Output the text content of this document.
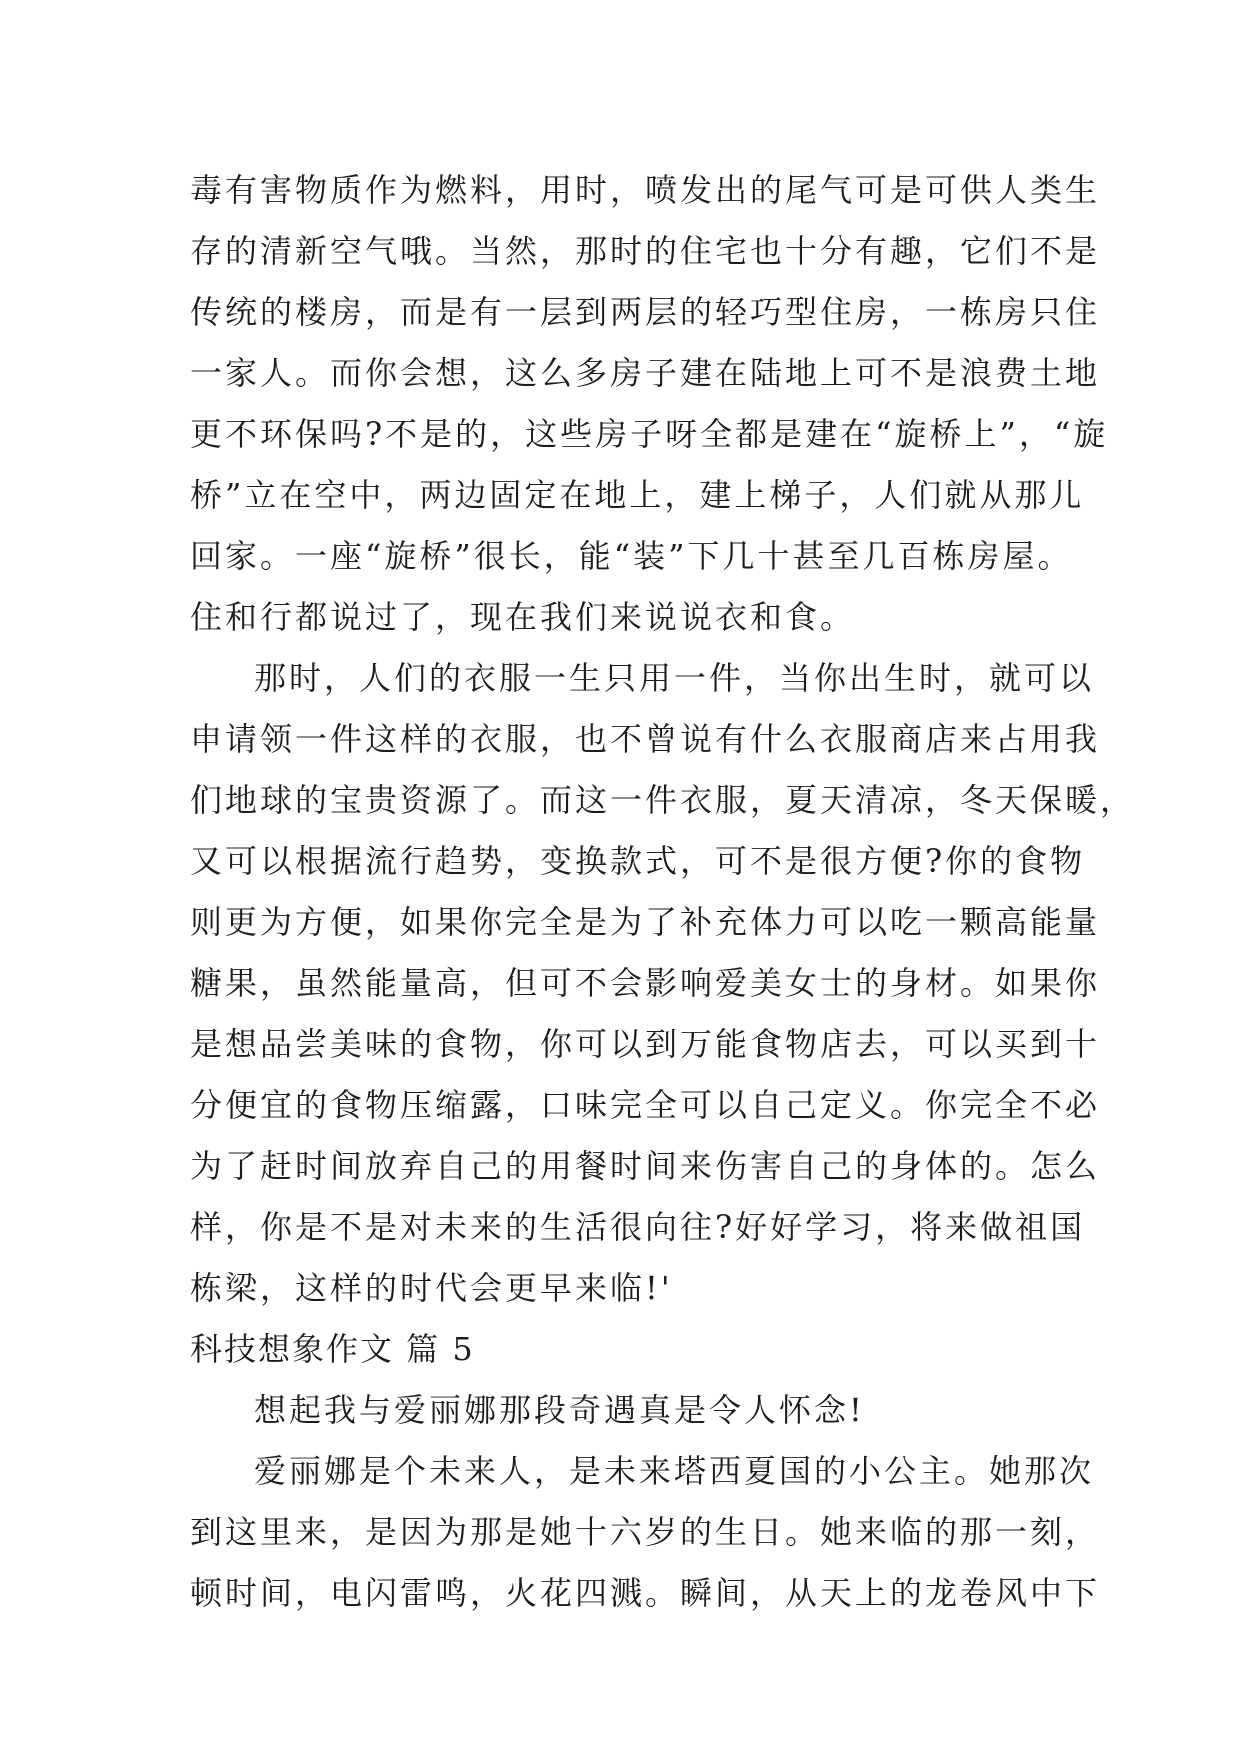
毒有害物质作为燃料，用时，喷发出的尾气可是可供人类生
存的清新空气哦。当然，那时的住宅也十分有趣，它们不是
传统的楼房，而是有一层到两层的轻巧型住房，一栋房只住
一家人。而你会想，这么多房子建在陆地上可不是浪费土地
更不环保吗?不是的，这些房子呀全都是建在“旋桥上”，“旋
桥”立在空中，两边固定在地上，建上梯子，人们就从那儿
回家。一座“旋桥”很长，能“装”下几十甚至几百栋房屋。
住和行都说过了，现在我们来说说衣和食。
那时，人们的衣服一生只用一件，当你出生时，就可以
申请领一件这样的衣服，也不曾说有什么衣服商店来占用我
们地球的宝贵资源了。而这一件衣服，夏天清凉，冬天保暖，
又可以根据流行趋势，变换款式，可不是很方便?你的食物
则更为方便，如果你完全是为了补充体力可以吃一颗高能量
糖果，虽然能量高，但可不会影响爱美女士的身材。如果你
是想品尝美味的食物，你可以到万能食物店去，可以买到十
分便宜的食物压缩露，口味完全可以自己定义。你完全不必
为了赶时间放弃自己的用餐时间来伤害自己的身体的。怎么
样，你是不是对未来的生活很向往?好好学习，将来做祖国
栋梁，这样的时代会更早来临!'
科技想象作文 篇 5
想起我与爱丽娜那段奇遇真是令人怀念!
爱丽娜是个未来人，是未来塔西夏国的小公主。她那次
到这里来，是因为那是她十六岁的生日。她来临的那一刻，
顿时间，电闪雷鸣，火花四溅。瞬间，从天上的龙卷风中下
